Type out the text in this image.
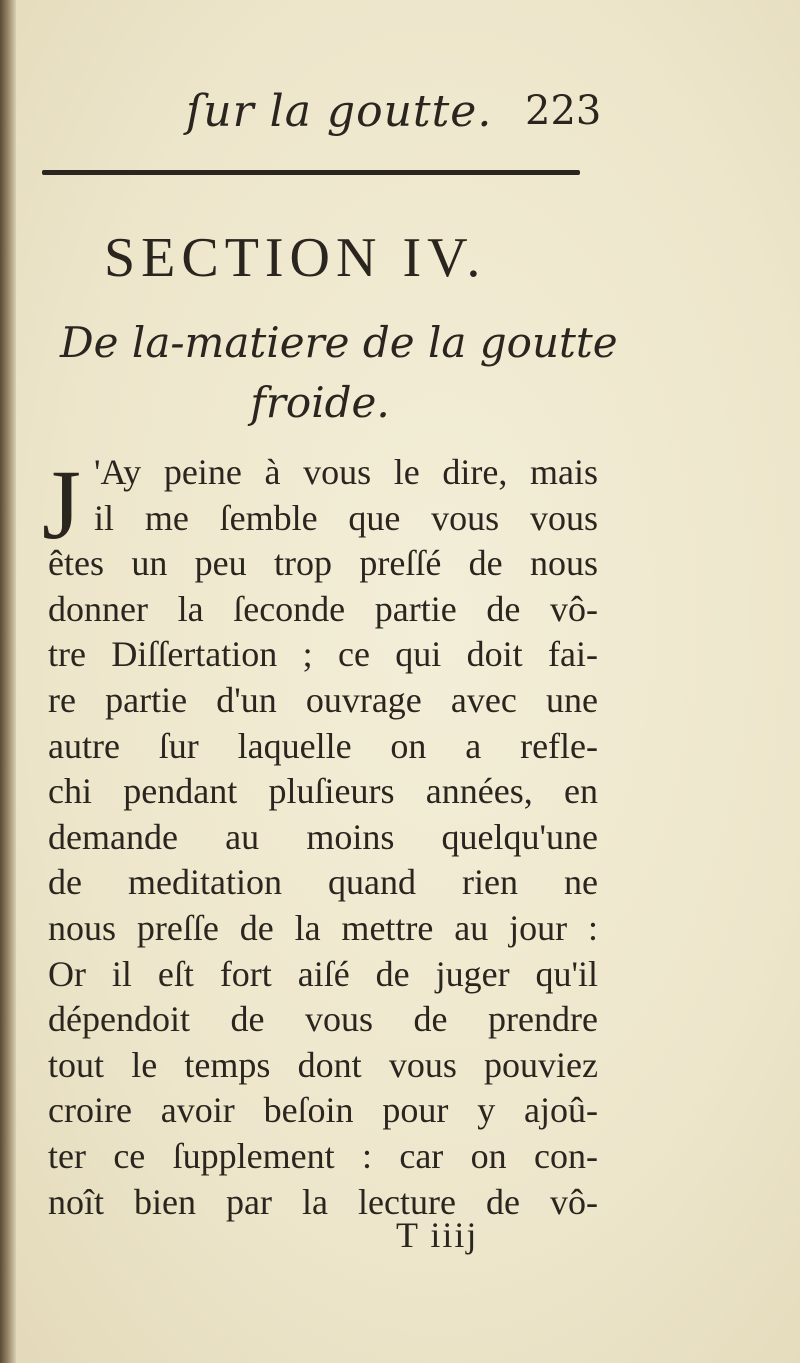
ſur la goutte. 223
SECTION IV.
De la-matiere de la goutte
froide.
J 'Ay peine à vous le dire, mais
il me ſemble que vous vous
êtes un peu trop preſſé de nous
donner la ſeconde partie de vô-
tre Diſſertation ; ce qui doit fai-
re partie d'un ouvrage avec une
autre ſur laquelle on a refle-
chi pendant pluſieurs années, en
demande au moins quelqu'une
de meditation quand rien ne
nous preſſe de la mettre au jour :
Or il eſt fort aiſé de juger qu'il
dépendoit de vous de prendre
tout le temps dont vous pouviez
croire avoir beſoin pour y ajoû-
ter ce ſupplement : car on con-
noît bien par la lecture de vô-
T iiij
